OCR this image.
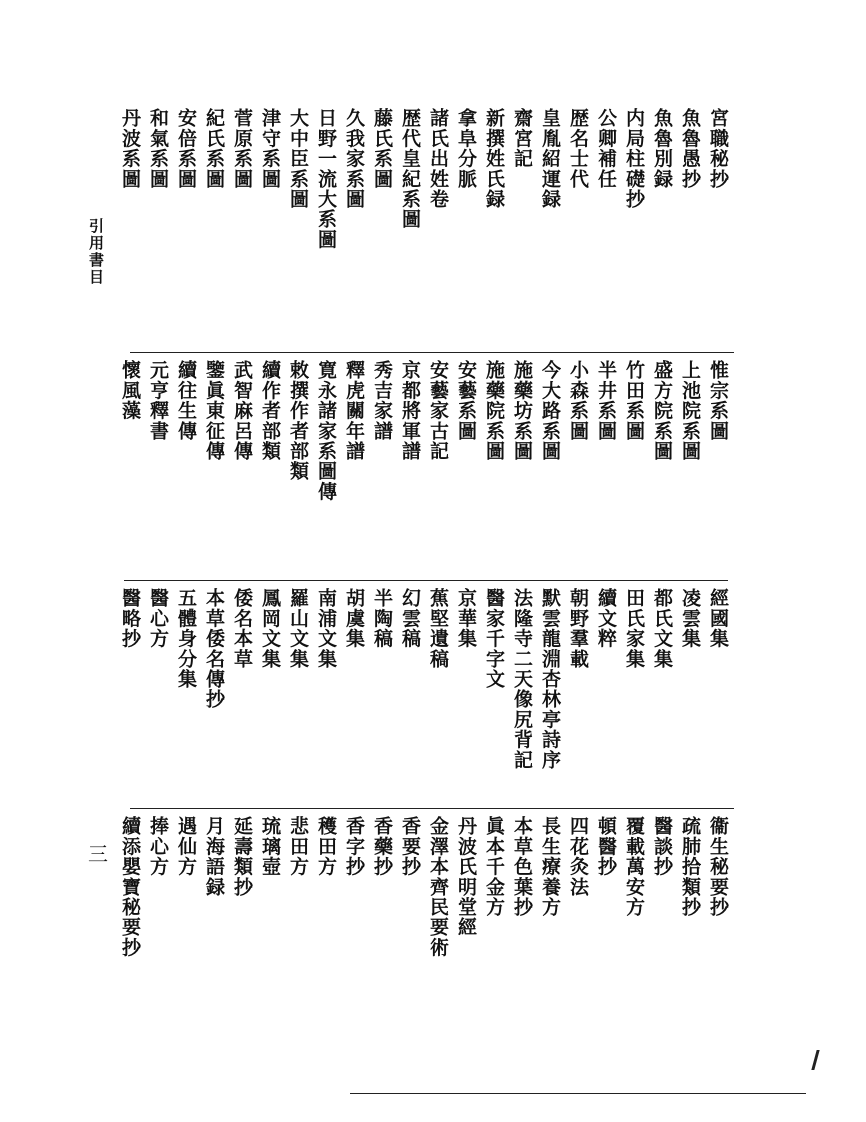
引用書目
三
宮職秘抄
魚魯愚抄
魚魯別録
内局柱礎抄
公卿補任
歴名士代
皇胤紹運録
齋宮記
新撰姓氏録
拿阜分脈
諸氏出姓卷
歴代皇紀系圖
藤氏系圖
久我家系圖
日野一流大系圖
大中臣系圖
津守系圖
菅原系圖
紀氏系圖
安倍系圖
和氣系圖
丹波系圖
惟宗系圖
上池院系圖
盛方院系圖
竹田系圖
半井系圖
小森系圖
今大路系圖
施藥坊系圖
施藥院系圖
安藝系圖
安藝家古記
京都將軍譜
秀吉家譜
釋虎關年譜
寛永諸家系圖傳
敕撰作者部類
續作者部類
武智麻呂傳
鑒眞東征傳
續往生傳
元亨釋書
懷風藻
經國集
凌雲集
都氏文集
田氏家集
續文粹
朝野羣載
默雲龍淵杏林亭詩序
法隆寺二天像尻背記
醫家千字文
京華集
蕉堅遺稿
幻雲稿
半陶稿
胡虞集
南浦文集
羅山文集
鳳岡文集
倭名本草
本草倭名傳抄
五體身分集
醫心方
醫略抄
衞生秘要抄
疏肺拾類抄
醫談抄
覆載萬安方
頓醫抄
四花灸法
長生療養方
本草色葉抄
眞本千金方
丹波氏明堂經
金澤本齊民要術
香要抄
香藥抄
香字抄
穫田方
悲田方
琉璃壺
延壽類抄
月海語録
遇仙方
捧心方
續添嬰寶秘要抄
